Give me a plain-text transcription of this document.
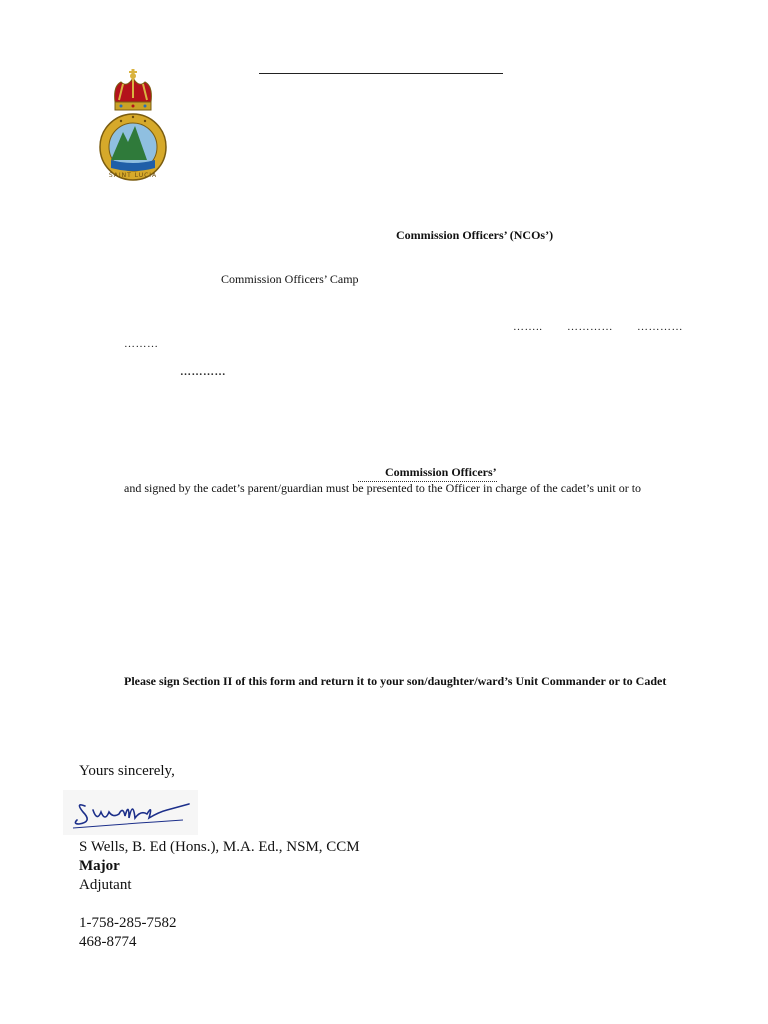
SAINT LUCIA
Commission Officers’ (NCOs’)
Commission Officers’ Camp
…….. ………… …………
………
…………
Commission Officers’
and signed by the cadet’s parent/guardian must be presented to the Officer in charge of the cadet’s unit or to
Please sign Section II of this form and return it to your son/daughter/ward’s Unit Commander or to Cadet
Yours sincerely,
S Wells, B. Ed (Hons.), M.A. Ed., NSM, CCM
Major
Adjutant
1-758-285-7582
468-8774
